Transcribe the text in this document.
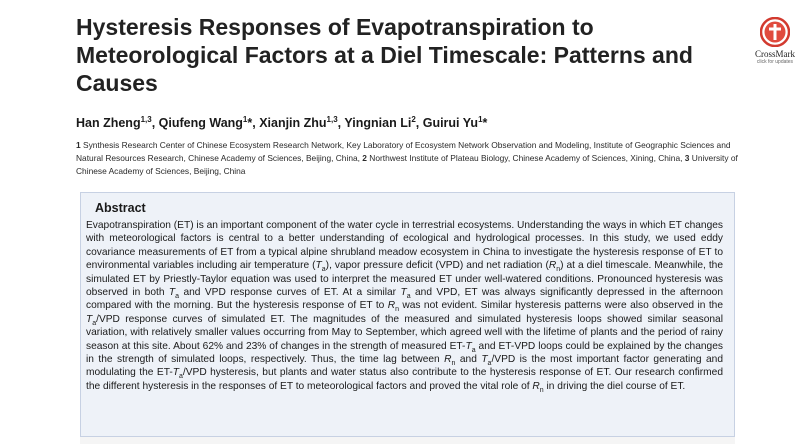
Hysteresis Responses of Evapotranspiration to Meteorological Factors at a Diel Timescale: Patterns and Causes
CrossMark
click for updates
Han Zheng$^{1,3}$, Qiufeng Wang$^1$*, Xianjin Zhu$^{1,3}$, Yingnian Li$^2$, Guirui Yu$^1$*
1 Synthesis Research Center of Chinese Ecosystem Research Network, Key Laboratory of Ecosystem Network Observation and Modeling, Institute of Geographic Sciences and Natural Resources Research, Chinese Academy of Sciences, Beijing, China, 2 Northwest Institute of Plateau Biology, Chinese Academy of Sciences, Xining, China, 3 University of Chinese Academy of Sciences, Beijing, China
Abstract

Evapotranspiration (ET) is an important component of the water cycle in terrestrial ecosystems. Understanding the ways in which ET changes with meteorological factors is central to a better understanding of ecological and hydrological processes. In this study, we used eddy covariance measurements of ET from a typical alpine shrubland meadow ecosystem in China to investigate the hysteresis response of ET to environmental variables including air temperature $(T_a)$, vapor pressure deficit (VPD) and net radiation $(R_n)$ at a diel timescale. Meanwhile, the simulated ET by Priestly-Taylor equation was used to interpret the measured ET under well-watered conditions. Pronounced hysteresis was observed in both $T_a$ and VPD response curves of ET. At a similar $T_a$ and VPD, ET was always significantly depressed in the afternoon compared with the morning. But the hysteresis response of ET to $R_n$ was not evident. Similar hysteresis patterns were also observed in the $T_a$/VPD response curves of simulated ET. The magnitudes of the measured and simulated hysteresis loops showed similar seasonal variation, with relatively smaller values occurring from May to September, which agreed well with the lifetime of plants and the period of rainy season at this site. About 62% and 23% of changes in the strength of measured $ET-T_a$ and ET-VPD loops could be explained by the changes in the strength of simulated loops, respectively. Thus, the time lag between $R_n$ and $T_a$/VPD is the most important factor generating and modulating the $ET-T_a$/VPD hysteresis, but plants and water status also contribute to the hysteresis response of ET. Our research confirmed the different hysteresis in the responses of ET to meteorological factors and proved the vital role of $R_n$ in driving the diel course of ET.
